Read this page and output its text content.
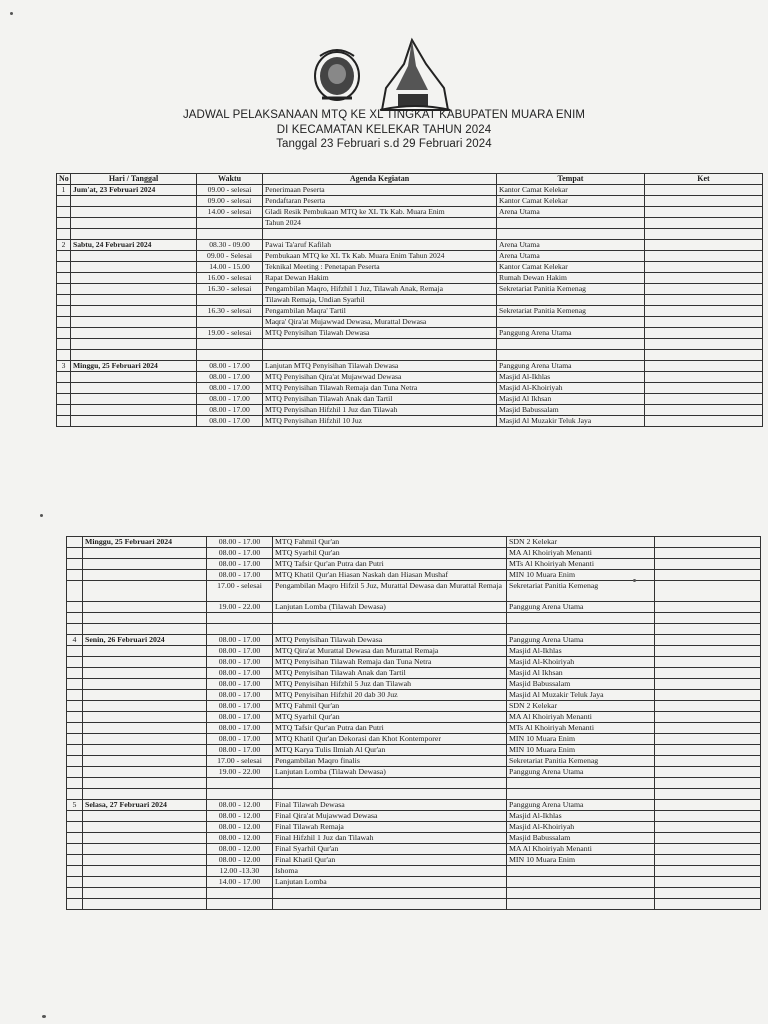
JADWAL PELAKSANAAN MTQ KE XL TINGKAT KABUPATEN MUARA ENIM
DI KECAMATAN KELEKAR TAHUN 2024
Tanggal 23 Februari s.d 29 Februari 2024
No	Hari / Tanggal	Waktu	Agenda Kegiatan	Tempat	Ket
1	Jum'at, 23 Februari 2024	09.00 - selesai	Penerimaan Peserta	Kantor Camat Kelekar	
		09.00 - selesai	Pendaftaran Peserta	Kantor Camat Kelekar	
		14.00 - selesai	Gladi Resik Pembukaan MTQ ke XL Tk Kab. Muara Enim	Arena Utama	
			Tahun 2024		

2	Sabtu, 24 Februari 2024	08.30 - 09.00	Pawai Ta'aruf Kafilah	Arena Utama	
		09.00 - Selesai	Pembukaan MTQ ke XL Tk Kab. Muara Enim Tahun 2024	Arena Utama	
		14.00 - 15.00	Teknikal Meeting : Penetapan Peserta	Kantor Camat Kelekar	
		16.00 - selesai	Rapat Dewan Hakim	Rumah Dewan Hakim	
		16.30 - selesai	Pengambilan Maqro, Hifzhil 1 Juz, Tilawah Anak, Remaja	Sekretariat Panitia Kemenag	
			Tilawah Remaja, Undian Syarhil		
		16.30 - selesai	Pengambilan Maqra' Tartil	Sekretariat Panitia Kemenag	
			Maqra' Qira'at Mujawwad Dewasa, Murattal Dewasa		
		19.00 - selesai	MTQ Penyisihan Tilawah Dewasa	Panggung Arena Utama	

3	Minggu, 25 Februari 2024	08.00 - 17.00	Lanjutan MTQ Penyisihan Tilawah Dewasa	Panggung Arena Utama	
		08.00 - 17.00	MTQ Penyisihan Qira'at Mujawwad Dewasa	Masjid Al-Ikhlas	
		08.00 - 17.00	MTQ Penyisihan Tilawah Remaja dan Tuna Netra	Masjid Al-Khoiriyah	
		08.00 - 17.00	MTQ Penyisihan Tilawah Anak dan Tartil	Masjid Al Ikhsan	
		08.00 - 17.00	MTQ Penyisihan Hifzhil 1 Juz dan Tilawah	Masjid Babussalam	
		08.00 - 17.00	MTQ Penyisihan Hifzhil 10 Juz	Masjid Al Muzakir Teluk Jaya	
	Minggu, 25 Februari 2024	08.00 - 17.00	MTQ Fahmil Qur'an	SDN 2 Kelekar	
		08.00 - 17.00	MTQ Syarhil Qur'an	MA Al Khoiriyah Menanti	
		08.00 - 17.00	MTQ Tafsir Qur'an Putra dan Putri	MTs Al Khoiriyah Menanti	
		08.00 - 17.00	MTQ Khatil Qur'an Hiasan Naskah dan Hiasan Mushaf	MIN 10 Muara Enim	
		17.00 - selesai	Pengambilan Maqro Hifzil 5 Juz, Murattal Dewasa dan Murattal Remaja	Sekretariat Panitia Kemenag	
		19.00 - 22.00	Lanjutan Lomba (Tilawah Dewasa)	Panggung Arena Utama	

4	Senin, 26 Februari 2024	08.00 - 17.00	MTQ Penyisihan Tilawah Dewasa	Panggung Arena Utama	
		08.00 - 17.00	MTQ Qira'at Murattal Dewasa dan Murattal Remaja	Masjid Al-Ikhlas	
		08.00 - 17.00	MTQ Penyisihan Tilawah Remaja dan Tuna Netra	Masjid Al-Khoiriyah	
		08.00 - 17.00	MTQ Penyisihan Tilawah Anak dan Tartil	Masjid Al Ikhsan	
		08.00 - 17.00	MTQ Penyisihan Hifzhil 5 Juz dan Tilawah	Masjid Babussalam	
		08.00 - 17.00	MTQ Penyisihan Hifzhil 20 dab 30 Juz	Masjid Al Muzakir Teluk Jaya	
		08.00 - 17.00	MTQ Fahmil Qur'an	SDN 2 Kelekar	
		08.00 - 17.00	MTQ Syarhil Qur'an	MA Al Khoiriyah Menanti	
		08.00 - 17.00	MTQ Tafsir Qur'an Putra dan Putri	MTs Al Khoiriyah Menanti	
		08.00 - 17.00	MTQ Khatil Qur'an Dekorasi dan Khot Kontemporer	MIN 10 Muara Enim	
		08.00 - 17.00	MTQ Karya Tulis Ilmiah Al Qur'an	MIN 10 Muara Enim	
		17.00 - selesai	Pengambilan Maqro finalis	Sekretariat Panitia Kemenag	
		19.00 - 22.00	Lanjutan Lomba (Tilawah Dewasa)	Panggung Arena Utama	

5	Selasa, 27 Februari 2024	08.00 - 12.00	Final Tilawah Dewasa	Panggung Arena Utama	
		08.00 - 12.00	Final Qira'at Mujawwad Dewasa	Masjid Al-Ikhlas	
		08.00 - 12.00	Final Tilawah Remaja	Masjid Al-Khoiriyah	
		08.00 - 12.00	Final Hifzhil 1 Juz dan Tilawah	Masjid Babussalam	
		08.00 - 12.00	Final Syarhil Qur'an	MA Al Khoiriyah Menanti	
		08.00 - 12.00	Final Khatil Qur'an	MIN 10 Muara Enim	
		12.00 -13.30	Ishoma		
		14.00 - 17.00	Lanjutan Lomba		
